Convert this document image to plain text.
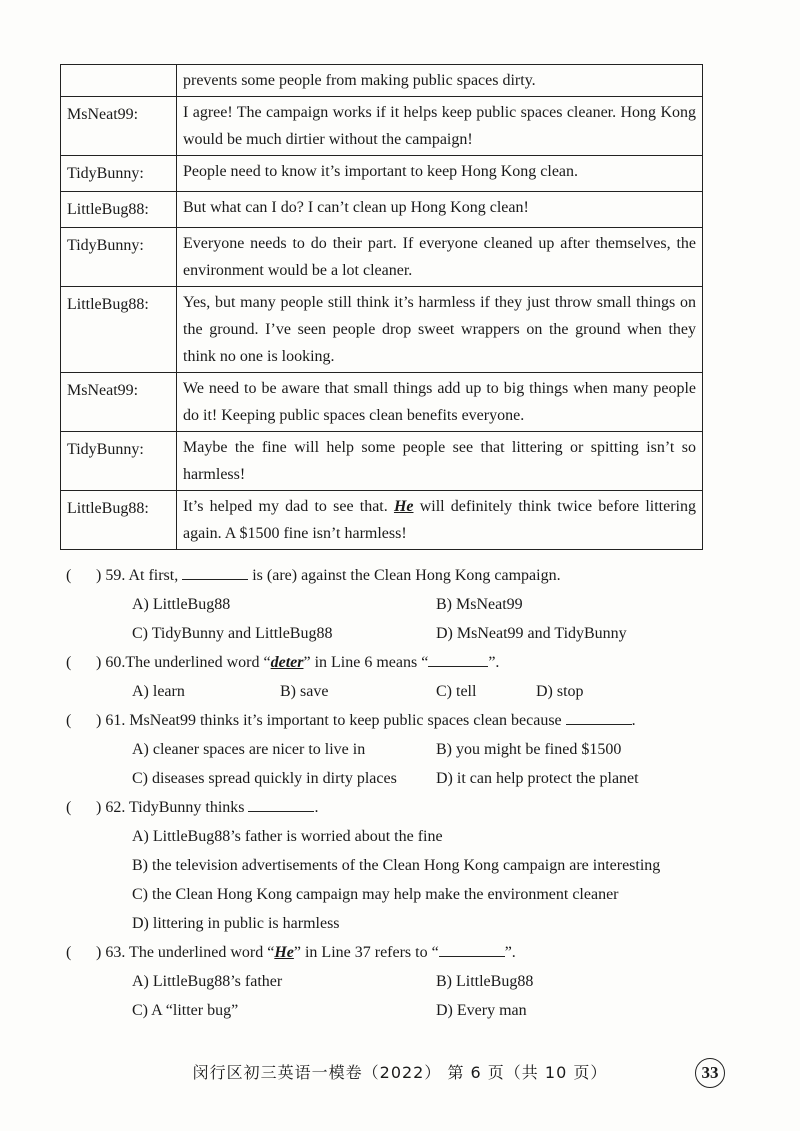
	prevents some people from making public spaces dirty.
MsNeat99:	I agree! The campaign works if it helps keep public spaces cleaner. Hong Kong would be much dirtier without the campaign!
TidyBunny:	People need to know it’s important to keep Hong Kong clean.
LittleBug88:	But what can I do? I can’t clean up Hong Kong clean!
TidyBunny:	Everyone needs to do their part. If everyone cleaned up after themselves, the environment would be a lot cleaner.
LittleBug88:	Yes, but many people still think it’s harmless if they just throw small things on the ground. I’ve seen people drop sweet wrappers on the ground when they think no one is looking.
MsNeat99:	We need to be aware that small things add up to big things when many people do it! Keeping public spaces clean benefits everyone.
TidyBunny:	Maybe the fine will help some people see that littering or spitting isn’t so harmless!
LittleBug88:	It’s helped my dad to see that. He will definitely think twice before littering again. A $1500 fine isn’t harmless!
( ) 59. At first,	is (are) against the Clean Hong Kong campaign.
A) LittleBug88	B) MsNeat99
C) TidyBunny and LittleBug88	D) MsNeat99 and TidyBunny
( ) 60.The underlined word “deter” in Line 6 means “	”.
A) learn	B) save	C) tell	D) stop
( ) 61. MsNeat99 thinks it’s important to keep public spaces clean because	.
A) cleaner spaces are nicer to live in	B) you might be fined $1500
C) diseases spread quickly in dirty places D) it can help protect the planet
( ) 62. TidyBunny thinks	.
A) LittleBug88’s father is worried about the fine
B) the television advertisements of the Clean Hong Kong campaign are interesting
C) the Clean Hong Kong campaign may help make the environment cleaner
D) littering in public is harmless
( ) 63. The underlined word “He” in Line 37 refers to “	”.
A) LittleBug88’s father	B) LittleBug88
C) A “litter bug”	D) Every man
闵行区初三英语一模卷（2022） 第 6 页（共 10 页）	33
